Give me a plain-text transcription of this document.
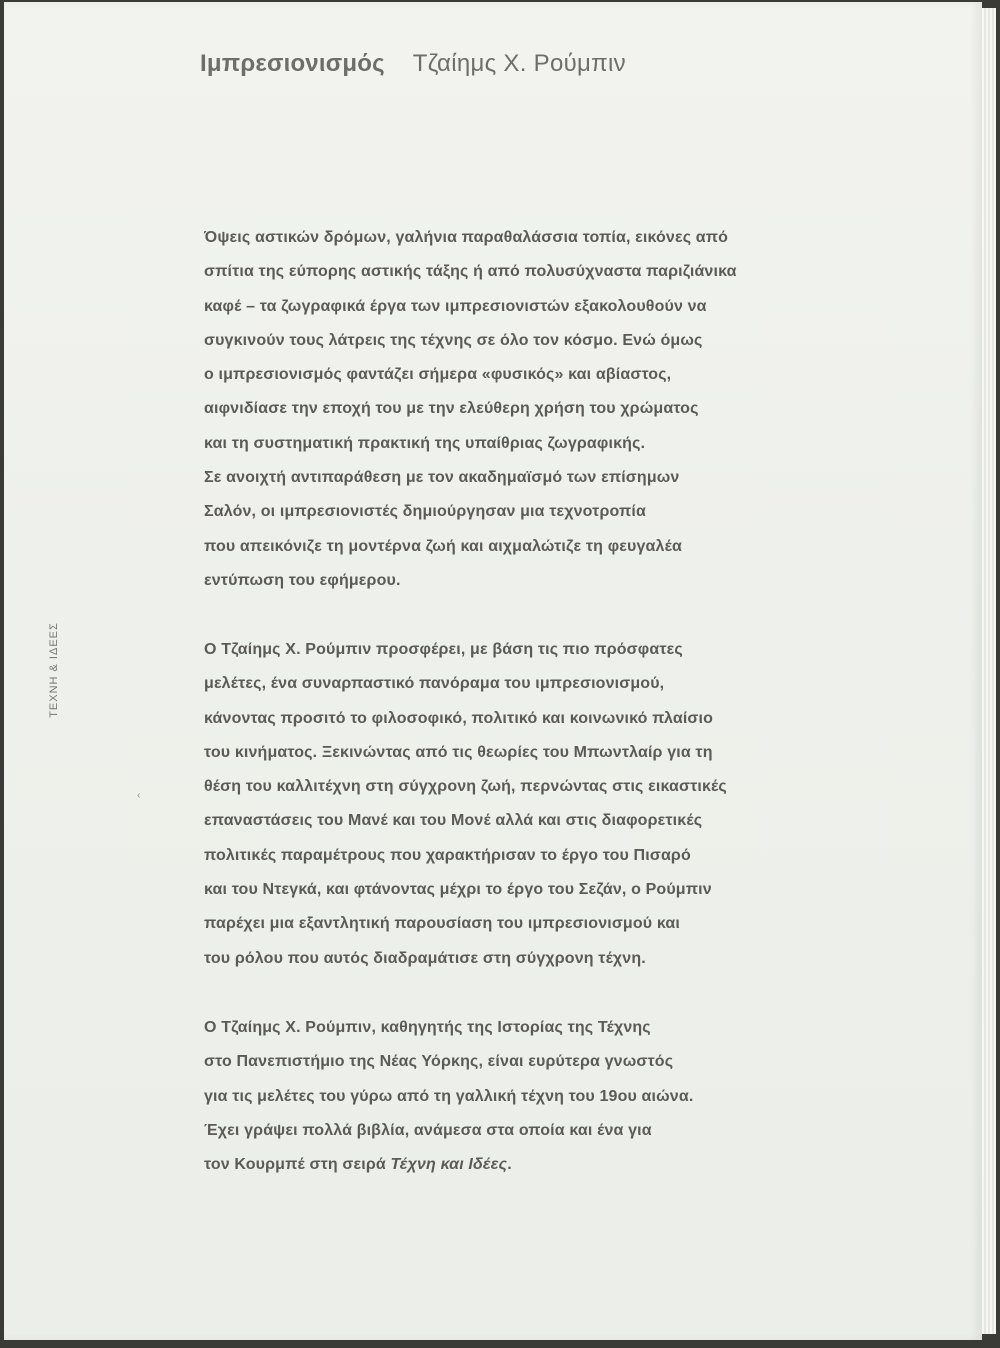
Ιμπρεσιονισμός Τζαίημς Χ. Ρούμπιν
ΤΕΧΝΗ & ΙΔΕΕΣ
‹
Όψεις αστικών δρόμων, γαλήνια παραθαλάσσια τοπία, εικόνες από
σπίτια της εύπορης αστικής τάξης ή από πολυσύχναστα παριζιάνικα
καφέ – τα ζωγραφικά έργα των ιμπρεσιονιστών εξακολουθούν να
συγκινούν τους λάτρεις της τέχνης σε όλο τον κόσμο. Ενώ όμως
ο ιμπρεσιονισμός φαντάζει σήμερα «φυσικός» και αβίαστος,
αιφνιδίασε την εποχή του με την ελεύθερη χρήση του χρώματος
και τη συστηματική πρακτική της υπαίθριας ζωγραφικής.
Σε ανοιχτή αντιπαράθεση με τον ακαδημαϊσμό των επίσημων
Σαλόν, οι ιμπρεσιονιστές δημιούργησαν μια τεχνοτροπία
που απεικόνιζε τη μοντέρνα ζωή και αιχμαλώτιζε τη φευγαλέα
εντύπωση του εφήμερου.
Ο Τζαίημς Χ. Ρούμπιν προσφέρει, με βάση τις πιο πρόσφατες
μελέτες, ένα συναρπαστικό πανόραμα του ιμπρεσιονισμού,
κάνοντας προσιτό το φιλοσοφικό, πολιτικό και κοινωνικό πλαίσιο
του κινήματος. Ξεκινώντας από τις θεωρίες του Μπωντλαίρ για τη
θέση του καλλιτέχνη στη σύγχρονη ζωή, περνώντας στις εικαστικές
επαναστάσεις του Μανέ και του Μονέ αλλά και στις διαφορετικές
πολιτικές παραμέτρους που χαρακτήρισαν το έργο του Πισαρό
και του Ντεγκά, και φτάνοντας μέχρι το έργο του Σεζάν, ο Ρούμπιν
παρέχει μια εξαντλητική παρουσίαση του ιμπρεσιονισμού και
του ρόλου που αυτός διαδραμάτισε στη σύγχρονη τέχνη.
Ο Τζαίημς Χ. Ρούμπιν, καθηγητής της Ιστορίας της Τέχνης
στο Πανεπιστήμιο της Νέας Υόρκης, είναι ευρύτερα γνωστός
για τις μελέτες του γύρω από τη γαλλική τέχνη του 19ου αιώνα.
Έχει γράψει πολλά βιβλία, ανάμεσα στα οποία και ένα για
τον Κουρμπέ στη σειρά Τέχνη και Ιδέες.
